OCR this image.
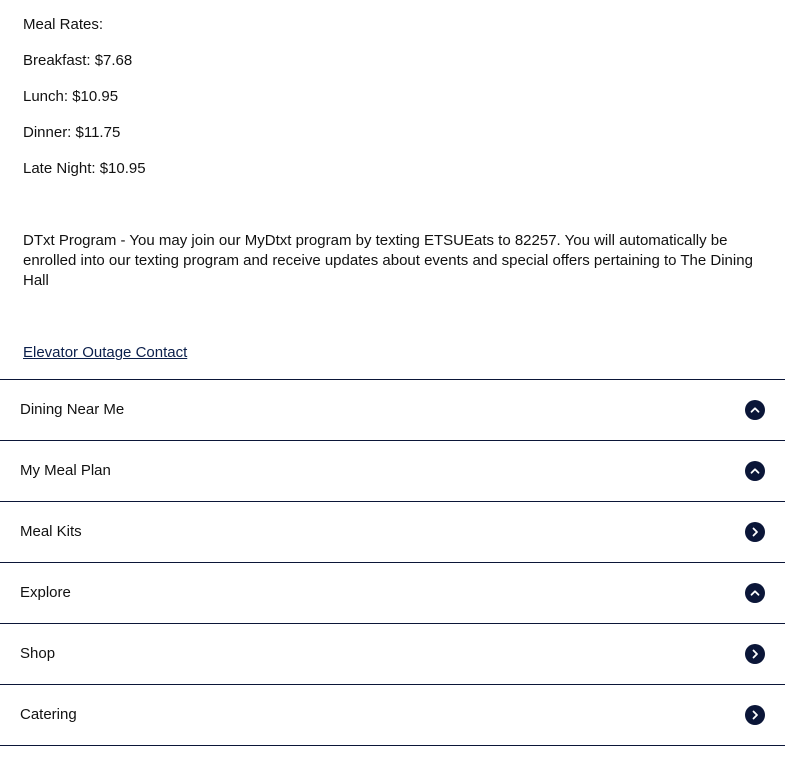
Meal Rates:
Breakfast: $7.68
Lunch: $10.95
Dinner: $11.75
Late Night: $10.95
DTxt Program - You may join our MyDtxt program by texting ETSUEats to 82257. You will automatically be enrolled into our texting program and receive updates about events and special offers pertaining to The Dining Hall
Elevator Outage Contact
Dining Near Me
My Meal Plan
Meal Kits
Explore
Shop
Catering
